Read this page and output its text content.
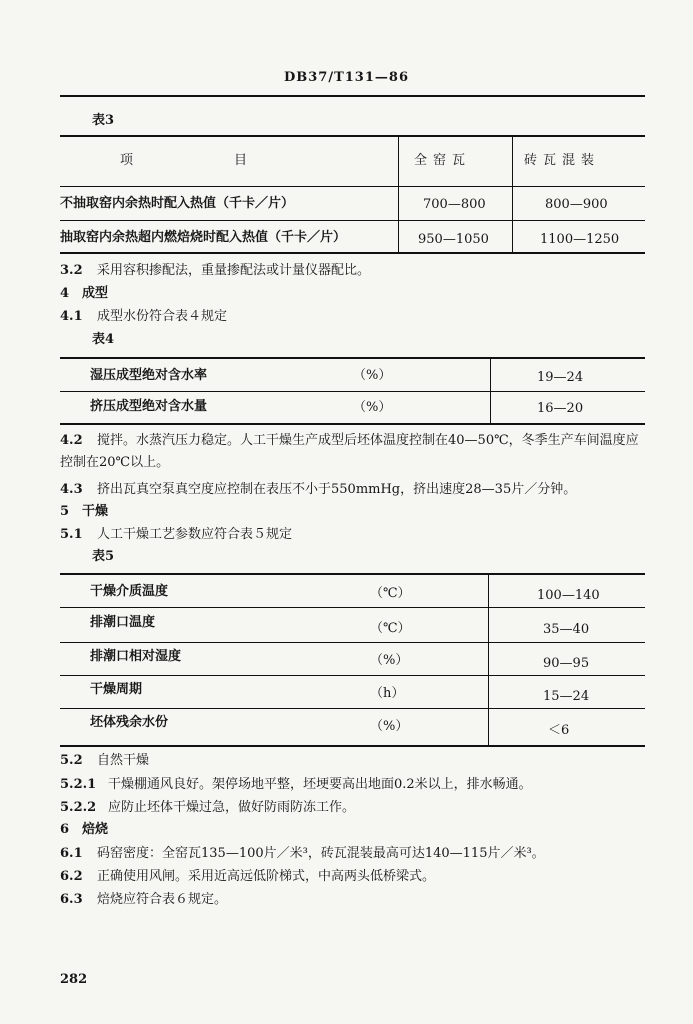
DB37/T131—86
表3
项　　　　　目	全窑瓦	砖瓦混装
不抽取窑内余热时配入热值（千卡／片）	700—800	800—900
抽取窑内余热超内燃焙烧时配入热值（千卡／片）	950—1050	1100—1250
3.2 采用容积掺配法，重量掺配法或计量仪器配比。
4 成型
4.1 成型水份符合表４规定
表4
湿压成型绝对含水率	（%）	19—24
挤压成型绝对含水量	（%）	16—20
4.2	搅拌。水蒸汽压力稳定。人工干燥生产成型后坯体温度控制在40—50℃，冬季生产车间温度应控制在20℃以上。
4.3 挤出瓦真空泵真空度应控制在表压不小于550mmHg，挤出速度28—35片／分钟。
5 干燥
5.1 人工干燥工艺参数应符合表５规定
表5
干燥介质温度	（℃）	100—140
排潮口温度	（℃）	35—40
排潮口相对湿度	（%）	90—95
干燥周期	（h）	15—24
坯体残余水份	（%）	＜6
5.2 自然干燥
5.2.1 干燥棚通风良好。架停场地平整，坯埂要高出地面0.2米以上，排水畅通。
5.2.2 应防止坯体干燥过急，做好防雨防冻工作。
6 焙烧
6.1 码窑密度：全窑瓦135—100片／米³，砖瓦混装最高可达140—115片／米³。
6.2 正确使用风闸。采用近高远低阶梯式，中高两头低桥梁式。
6.3 焙烧应符合表６规定。
282
